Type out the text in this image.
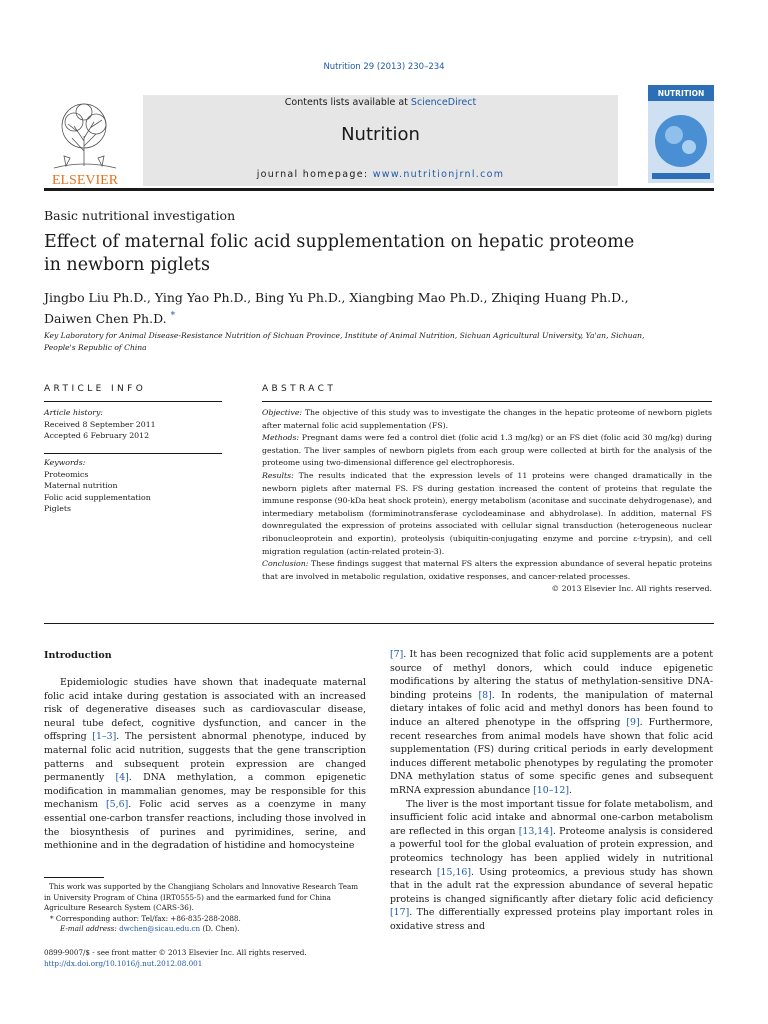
Nutrition 29 (2013) 230–234
ELSEVIER
Contents lists available at ScienceDirect
Nutrition
journal homepage: www.nutritionjrnl.com
NUTRITION
Basic nutritional investigation
Effect of maternal folic acid supplementation on hepatic proteome
in newborn piglets
Jingbo Liu Ph.D., Ying Yao Ph.D., Bing Yu Ph.D., Xiangbing Mao Ph.D., Zhiqing Huang Ph.D.,
Daiwen Chen Ph.D. *
Key Laboratory for Animal Disease-Resistance Nutrition of Sichuan Province, Institute of Animal Nutrition, Sichuan Agricultural University, Ya'an, Sichuan,
People's Republic of China
ARTICLE INFO
Article history:
Received 8 September 2011
Accepted 6 February 2012
Keywords:
Proteomics
Maternal nutrition
Folic acid supplementation
Piglets
ABSTRACT

Objective: The objective of this study was to investigate the changes in the hepatic proteome of newborn piglets after maternal folic acid supplementation (FS).

Methods: Pregnant dams were fed a control diet (folic acid 1.3 mg/kg) or an FS diet (folic acid 30 mg/kg) during gestation. The liver samples of newborn piglets from each group were collected at birth for the analysis of the proteome using two-dimensional difference gel electrophoresis.

Results: The results indicated that the expression levels of 11 proteins were changed dramatically in the newborn piglets after maternal FS. FS during gestation increased the content of proteins that regulate the immune response (90-kDa heat shock protein), energy metabolism (aconitase and succinate dehydrogenase), and intermediary metabolism (formiminotransferase cyclodeaminase and abhydrolase). In addition, maternal FS downregulated the expression of proteins associated with cellular signal transduction (heterogeneous nuclear ribonucleoprotein and exportin), proteolysis (ubiquitin-conjugating enzyme and porcine ε-trypsin), and cell migration regulation (actin-related protein-3).

Conclusion: These findings suggest that maternal FS alters the expression abundance of several hepatic proteins that are involved in metabolic regulation, oxidative responses, and cancer-related processes.

© 2013 Elsevier Inc. All rights reserved.

Introduction

Epidemiologic studies have shown that inadequate maternal folic acid intake during gestation is associated with an increased risk of degenerative diseases such as cardiovascular disease, neural tube defect, cognitive dysfunction, and cancer in the offspring [1–3]. The persistent abnormal phenotype, induced by maternal folic acid nutrition, suggests that the gene transcription patterns and subsequent protein expression are changed permanently [4]. DNA methylation, a common epigenetic modification in mammalian genomes, may be responsible for this mechanism [5,6]. Folic acid serves as a coenzyme in many essential one-carbon transfer reactions, including those involved in the biosynthesis of purines and pyrimidines, serine, and methionine and in the degradation of histidine and homocysteine

[7]. It has been recognized that folic acid supplements are a potent source of methyl donors, which could induce epigenetic modifications by altering the status of methylation-sensitive DNA-binding proteins [8]. In rodents, the manipulation of maternal dietary intakes of folic acid and methyl donors has been found to induce an altered phenotype in the offspring [9]. Furthermore, recent researches from animal models have shown that folic acid supplementation (FS) during critical periods in early development induces different metabolic phenotypes by regulating the promoter DNA methylation status of some specific genes and subsequent mRNA expression abundance [10–12].

The liver is the most important tissue for folate metabolism, and insufficient folic acid intake and abnormal one-carbon metabolism are reflected in this organ [13,14]. Proteome analysis is considered a powerful tool for the global evaluation of protein expression, and proteomics technology has been applied widely in nutritional research [15,16]. Using proteomics, a previous study has shown that in the adult rat the expression abundance of several hepatic proteins is changed significantly after dietary folic acid deficiency [17]. The differentially expressed proteins play important roles in oxidative stress and

This work was supported by the Changjiang Scholars and Innovative Research Team in University Program of China (IRT0555-5) and the earmarked fund for China Agriculture Research System (CARS-36).
* Corresponding author: Tel/fax: +86-835-288-2088.
E-mail address: dwchen@sicau.edu.cn (D. Chen).
0899-9007/$ - see front matter © 2013 Elsevier Inc. All rights reserved.
http://dx.doi.org/10.1016/j.nut.2012.08.001
